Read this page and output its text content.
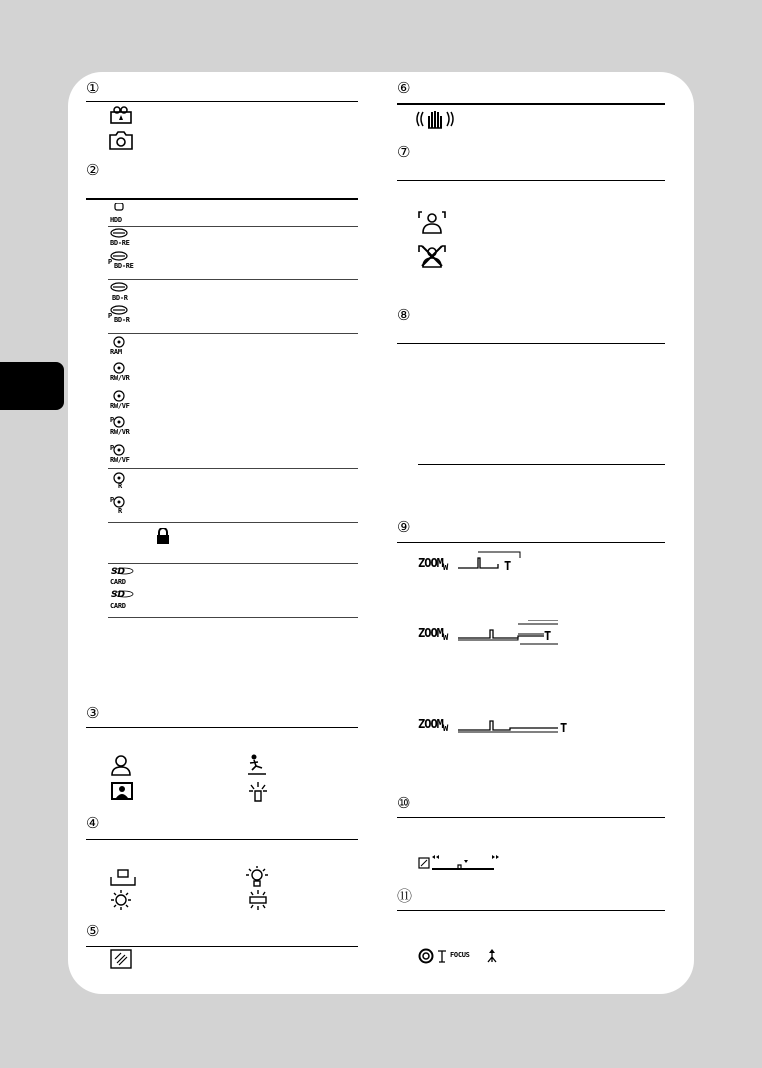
①
②
HDD
BD-RE
P BD-RE
BD-R
P BD-R
RAM
RW/VR
RW/VF
P
RW/VR
P
RW/VF
R
P
R
SD
CARD
SD
CARD
③
④
⑤
⑥
⑦
⑧
⑨
$ZOOM_W$	T
$ZOOM_W$	T
$ZOOM_W$	T
⑩
⑪
FOCUS
